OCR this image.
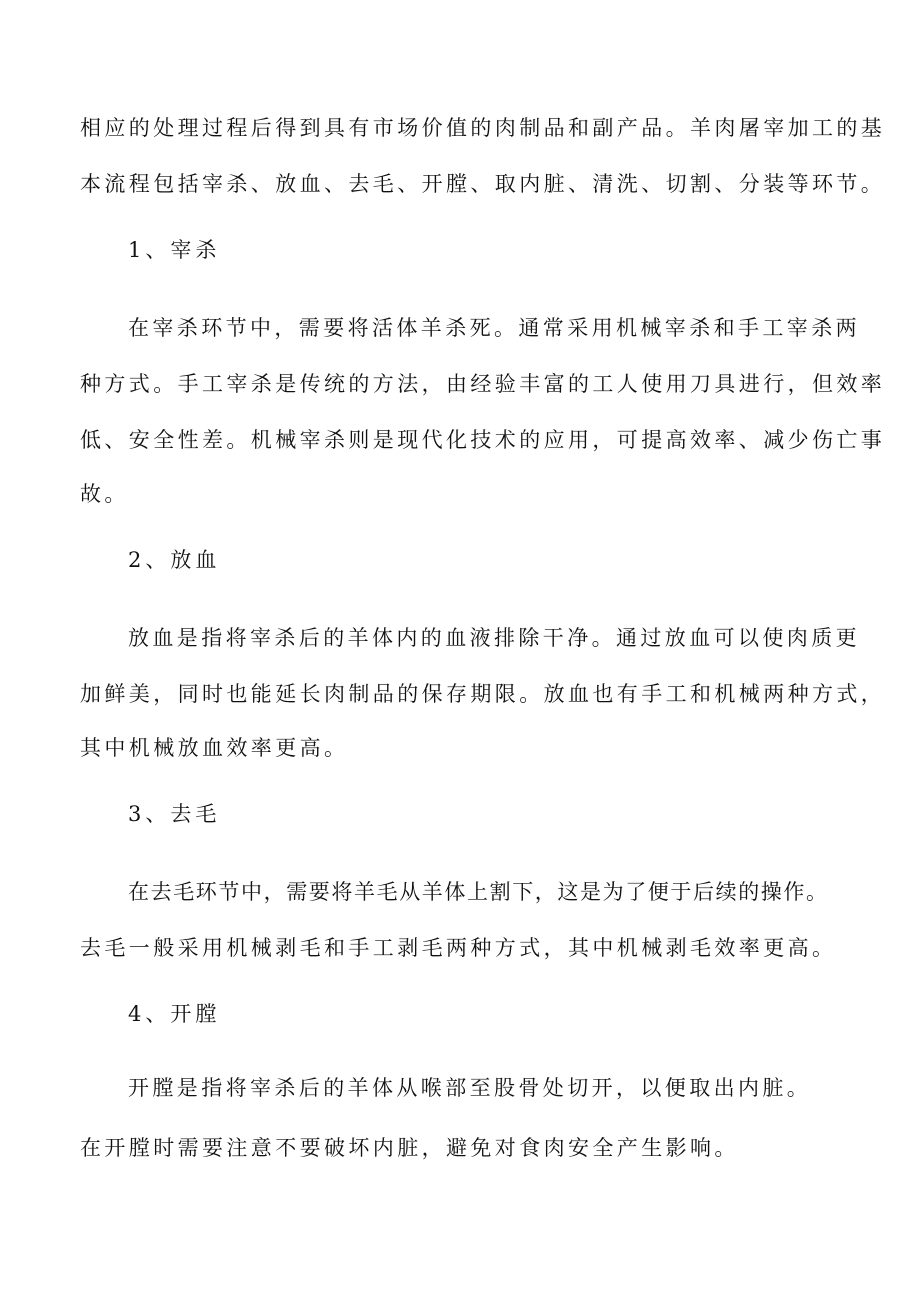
相应的处理过程后得到具有市场价值的肉制品和副产品。羊肉屠宰加工的基
本流程包括宰杀、放血、去毛、开膛、取内脏、清洗、切割、分装等环节。
1、宰杀
在宰杀环节中，需要将活体羊杀死。通常采用机械宰杀和手工宰杀两
种方式。手工宰杀是传统的方法，由经验丰富的工人使用刀具进行，但效率
低、安全性差。机械宰杀则是现代化技术的应用，可提高效率、减少伤亡事
故。
2、放血
放血是指将宰杀后的羊体内的血液排除干净。通过放血可以使肉质更
加鲜美，同时也能延长肉制品的保存期限。放血也有手工和机械两种方式，
其中机械放血效率更高。
3、去毛
在去毛环节中，需要将羊毛从羊体上割下，这是为了便于后续的操作。
去毛一般采用机械剥毛和手工剥毛两种方式，其中机械剥毛效率更高。
4、开膛
开膛是指将宰杀后的羊体从喉部至股骨处切开，以便取出内脏。
在开膛时需要注意不要破坏内脏，避免对食肉安全产生影响。
